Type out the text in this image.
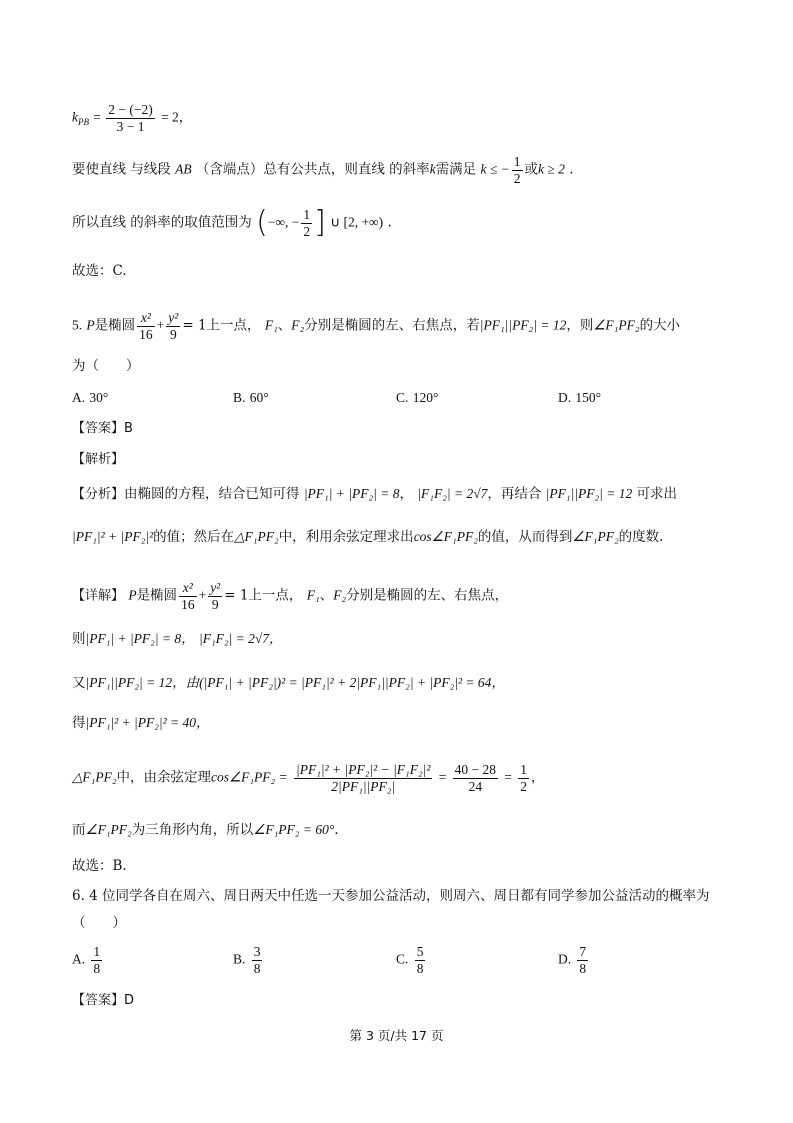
$k_{PB} = \frac{2 - (-2)}{3 - 1} = 2$，
要使直线 与线段 AB （含端点）总有公共点，则直线 的斜率k需满足 k ≤ − $\frac{1}{2}$ 或k ≥ 2 .
所以直线 的斜率的取值范围为 (−∞, − $\frac{1}{2}$ ] ∪ [2, +∞) .
故选：C.
5. P是椭圆 $\frac{\text{x²}}{16} + \frac{\text{y²}}{9} = 1$上一点， F₁、F₂分别是椭圆的左、右焦点，若|PF₁||PF₂| = 12，则∠F₁PF₂的大小
为（　　）
A. 30°	B. 60°	C. 120°	D. 150°
【答案】B
【解析】
【分析】由椭圆的方程，结合已知可得 |PF₁| + |PF₂| = 8， |F₁F₂| = 2√7，再结合 |PF₁||PF₂| = 12 可求出
|PF₁|² + |PF₂|²的值；然后在△F₁PF₂中，利用余弦定理求出cos∠F₁PF₂的值，从而得到∠F₁PF₂的度数.
【详解】 P是椭圆 $\frac{\text{x²}}{16} + \frac{\text{y²}}{9} = 1$上一点， F₁、F₂分别是椭圆的左、右焦点，
则|PF₁| + |PF₂| = 8， |F₁F₂| = 2√7，
又|PF₁||PF₂| = 12，由(|PF₁| + |PF₂|)² = |PF₁|² + 2|PF₁||PF₂| + |PF₂|² = 64，
得|PF₁|² + |PF₂|² = 40，
△F₁PF₂中，由余弦定理cos∠F₁PF₂ = $\frac{\text{|PF₁|² + |PF₂|² − |F₁F₂|²}}{\text{2|PF₁||PF₂|}} = \frac{40 - 28}{24} = \frac{1}{2}$ ，
而∠F₁PF₂为三角形内角，所以∠F₁PF₂ = 60°.
故选：B.
6. 4 位同学各自在周六、周日两天中任选一天参加公益活动，则周六、周日都有同学参加公益活动的概率为
（　　）
A. $\frac{1}{8}$	B. $\frac{3}{8}$	C. $\frac{5}{8}$	D. $\frac{7}{8}$
【答案】D
第 3 页/共 17 页
